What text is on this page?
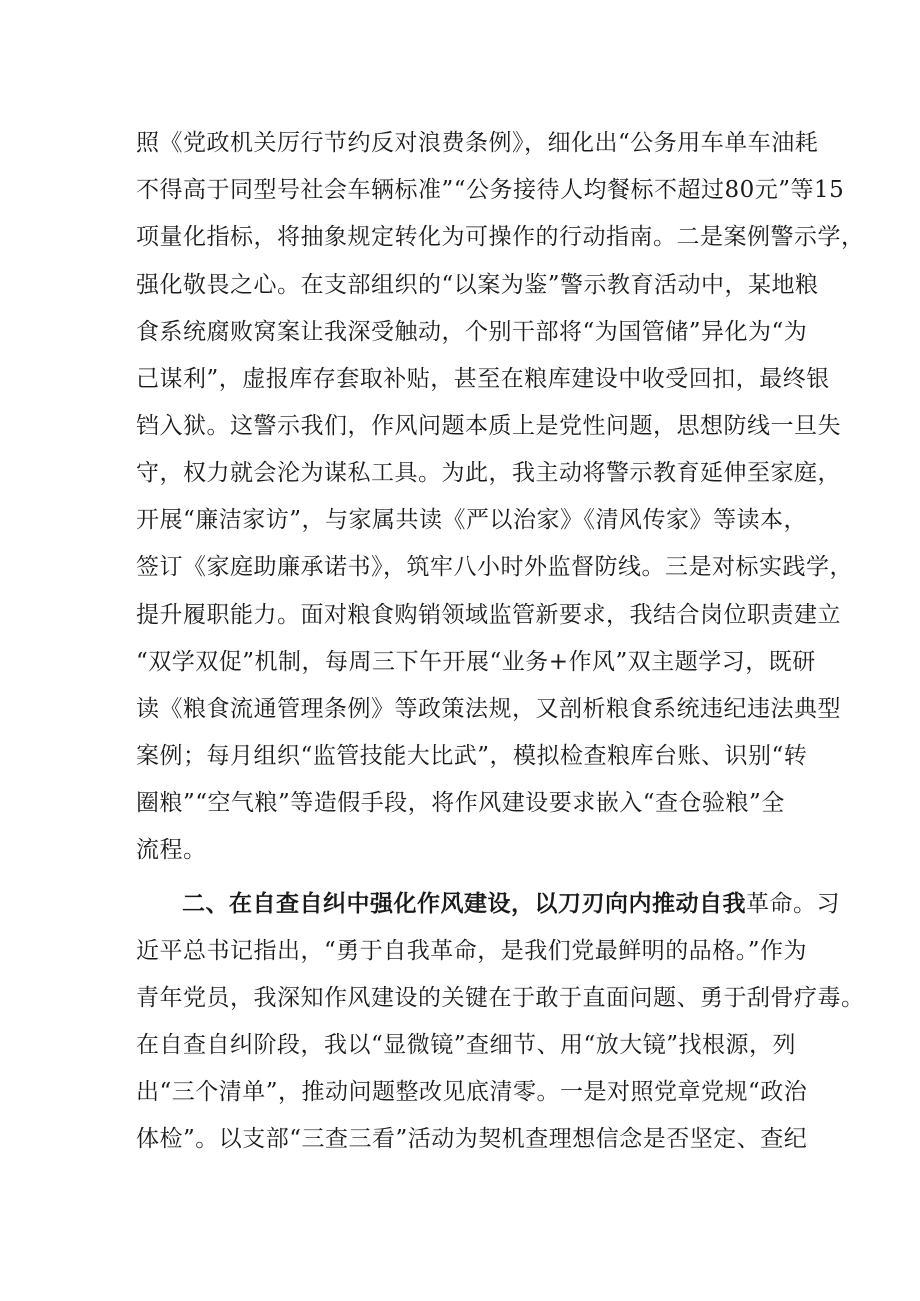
照《党政机关厉行节约反对浪费条例》，细化出“公务用车单车油耗

不得高于同型号社会车辆标准”“公务接待人均餐标不超过80元”等15

项量化指标，将抽象规定转化为可操作的行动指南。二是案例警示学，

强化敬畏之心。在支部组织的“以案为鉴”警示教育活动中，某地粮

食系统腐败窝案让我深受触动，个别干部将“为国管储”异化为“为

己谋利”，虚报库存套取补贴，甚至在粮库建设中收受回扣，最终银

铛入狱。这警示我们，作风问题本质上是党性问题，思想防线一旦失

守，权力就会沦为谋私工具。为此，我主动将警示教育延伸至家庭，

开展“廉洁家访”，与家属共读《严以治家》《清风传家》等读本，

签订《家庭助廉承诺书》，筑牢八小时外监督防线。三是对标实践学，

提升履职能力。面对粮食购销领域监管新要求，我结合岗位职责建立

“双学双促”机制，每周三下午开展“业务+作风”双主题学习，既研

读《粮食流通管理条例》等政策法规，又剖析粮食系统违纪违法典型

案例；每月组织“监管技能大比武”，模拟检查粮库台账、识别“转

圈粮”“空气粮”等造假手段，将作风建设要求嵌入“查仓验粮”全

流程。

二、在自查自纠中强化作风建设，以刀刃向内推动自我革命。习

近平总书记指出，“勇于自我革命，是我们党最鲜明的品格。”作为

青年党员，我深知作风建设的关键在于敢于直面问题、勇于刮骨疗毒。

在自查自纠阶段，我以“显微镜”查细节、用“放大镜”找根源，列

出“三个清单”，推动问题整改见底清零。一是对照党章党规“政治

体检”。以支部“三查三看”活动为契机查理想信念是否坚定、查纪
